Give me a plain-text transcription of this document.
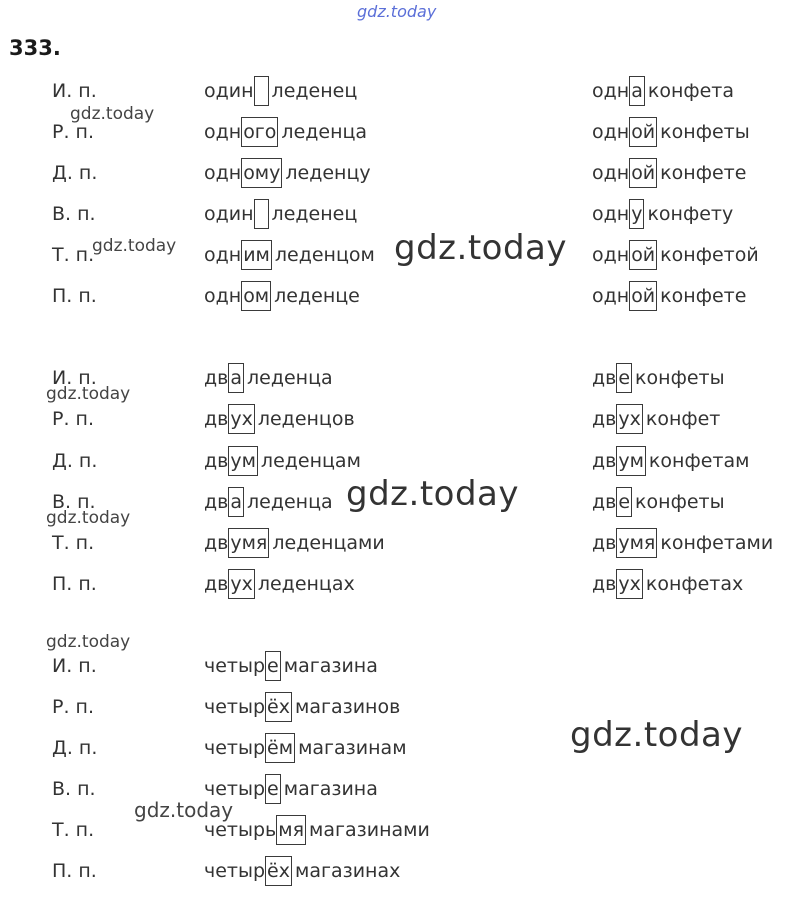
gdz.today
333.
И. п.	один леденец	одн а конфета
Р. п.	одн ого леденца	одн ой конфеты
Д. п.	одн ому леденцу	одн ой конфете
В. п.	один леденец	одн у конфету
Т. п.	одн им леденцом	одн ой конфетой
П. п.	одн ом леденце	одн ой конфете
И. п.	дв а леденца	дв е конфеты
Р. п.	дв ух леденцов	дв ух конфет
Д. п.	дв ум леденцам	дв ум конфетам
В. п.	дв а леденца	дв е конфеты
Т. п.	дв умя леденцами	дв умя конфетами
П. п.	дв ух леденцах	дв ух конфетах
И. п.	четыр е магазина
Р. п.	четыр ёх магазинов
Д. п.	четыр ём магазинам
В. п.	четыр е магазина
Т. п.	четырь мя магазинами
П. п.	четыр ёх магазинах
gdz.today
gdz.today	gdz.today
gdz.today
gdz.today
gdz.today
gdz.today
gdz.today
gdz.today
